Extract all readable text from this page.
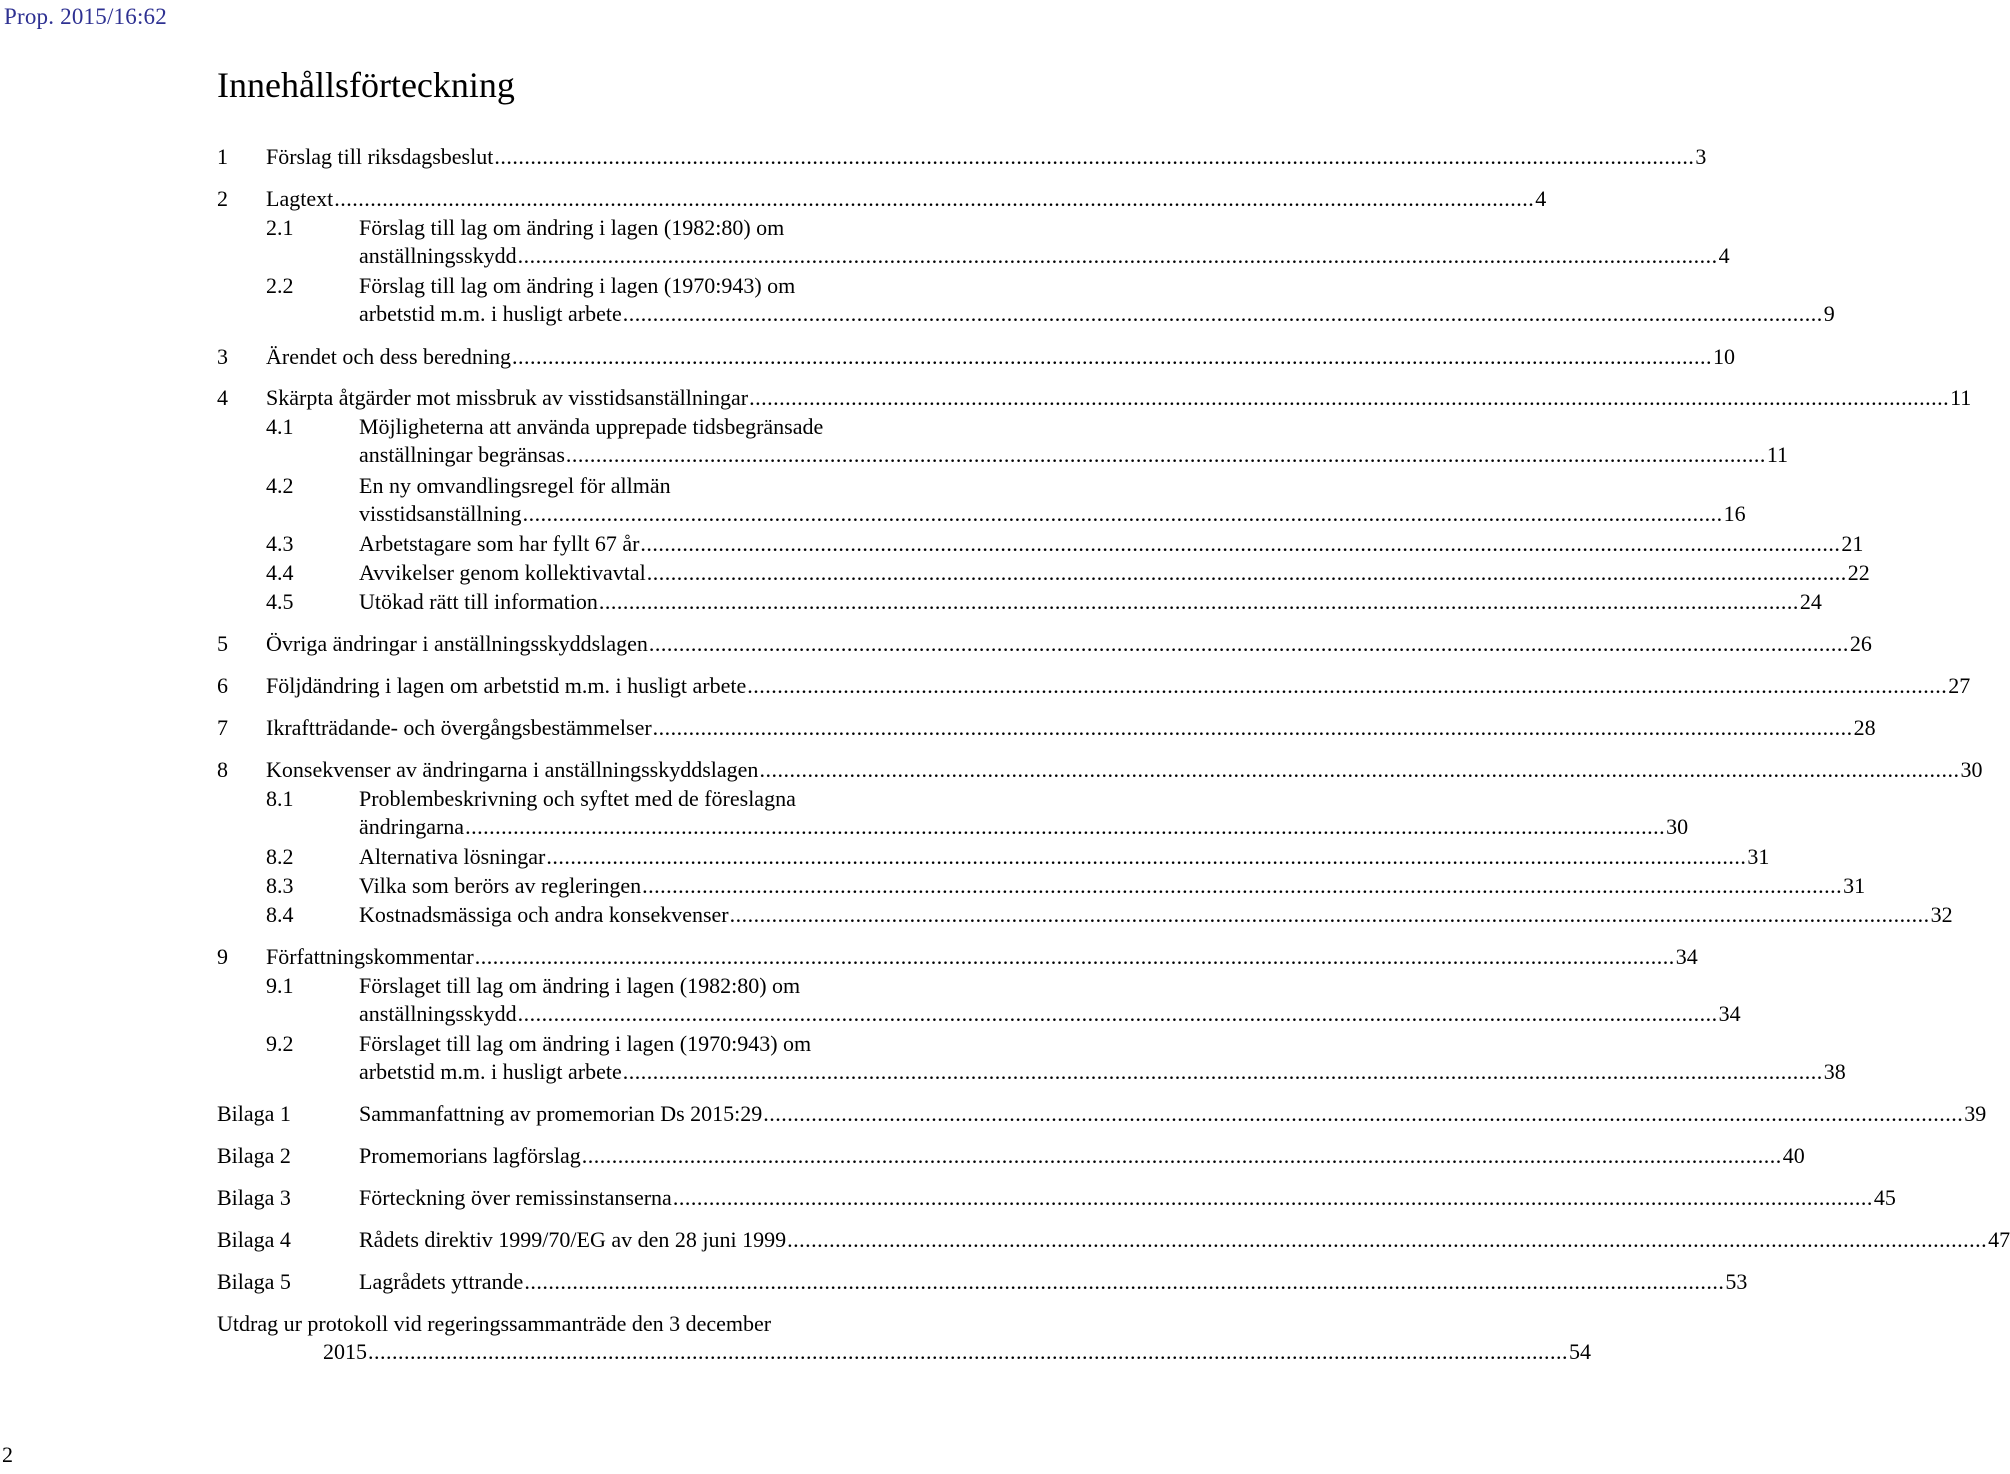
Prop. 2015/16:62
Innehållsförteckning
1 Förslag till riksdagsbeslut ........................................................................................................................................................................................................ 3
2 Lagtext ........................................................................................................................................................................................................ 4
2.1	Förslag till lag om ändring i lagen (1982:80) om
anställningsskydd ........................................................................................................................................................................................................ 4
2.2	Förslag till lag om ändring i lagen (1970:943) om
arbetstid m.m. i husligt arbete ........................................................................................................................................................................................................ 9
3 Ärendet och dess beredning ........................................................................................................................................................................................................ 10
4 Skärpta åtgärder mot missbruk av visstidsanställningar ........................................................................................................................................................................................................ 11
4.1	Möjligheterna att använda upprepade tidsbegränsade
anställningar begränsas ........................................................................................................................................................................................................ 11
4.2	En ny omvandlingsregel för allmän
visstidsanställning ........................................................................................................................................................................................................ 16
4.3	Arbetstagare som har fyllt 67 år ........................................................................................................................................................................................................ 21
4.4	Avvikelser genom kollektivavtal ........................................................................................................................................................................................................ 22
4.5	Utökad rätt till information ........................................................................................................................................................................................................ 24
5 Övriga ändringar i anställningsskyddslagen ........................................................................................................................................................................................................ 26
6 Följdändring i lagen om arbetstid m.m. i husligt arbete ........................................................................................................................................................................................................ 27
7 Ikraftträdande- och övergångsbestämmelser ........................................................................................................................................................................................................ 28
8 Konsekvenser av ändringarna i anställningsskyddslagen ........................................................................................................................................................................................................ 30
8.1	Problembeskrivning och syftet med de föreslagna
ändringarna ........................................................................................................................................................................................................ 30
8.2	Alternativa lösningar ........................................................................................................................................................................................................ 31
8.3	Vilka som berörs av regleringen ........................................................................................................................................................................................................ 31
8.4	Kostnadsmässiga och andra konsekvenser ........................................................................................................................................................................................................ 32
9 Författningskommentar ........................................................................................................................................................................................................ 34
9.1	Förslaget till lag om ändring i lagen (1982:80) om
anställningsskydd ........................................................................................................................................................................................................ 34
9.2	Förslaget till lag om ändring i lagen (1970:943) om
arbetstid m.m. i husligt arbete ........................................................................................................................................................................................................ 38
Bilaga 1	Sammanfattning av promemorian Ds 2015:29 ........................................................................................................................................................................................................ 39
Bilaga 2	Promemorians lagförslag ........................................................................................................................................................................................................ 40
Bilaga 3	Förteckning över remissinstanserna ........................................................................................................................................................................................................ 45
Bilaga 4	Rådets direktiv 1999/70/EG av den 28 juni 1999 ........................................................................................................................................................................................................ 47
Bilaga 5	Lagrådets yttrande ........................................................................................................................................................................................................ 53
Utdrag ur protokoll vid regeringssammanträde den 3 december
2015 ........................................................................................................................................................................................................ 54
2
